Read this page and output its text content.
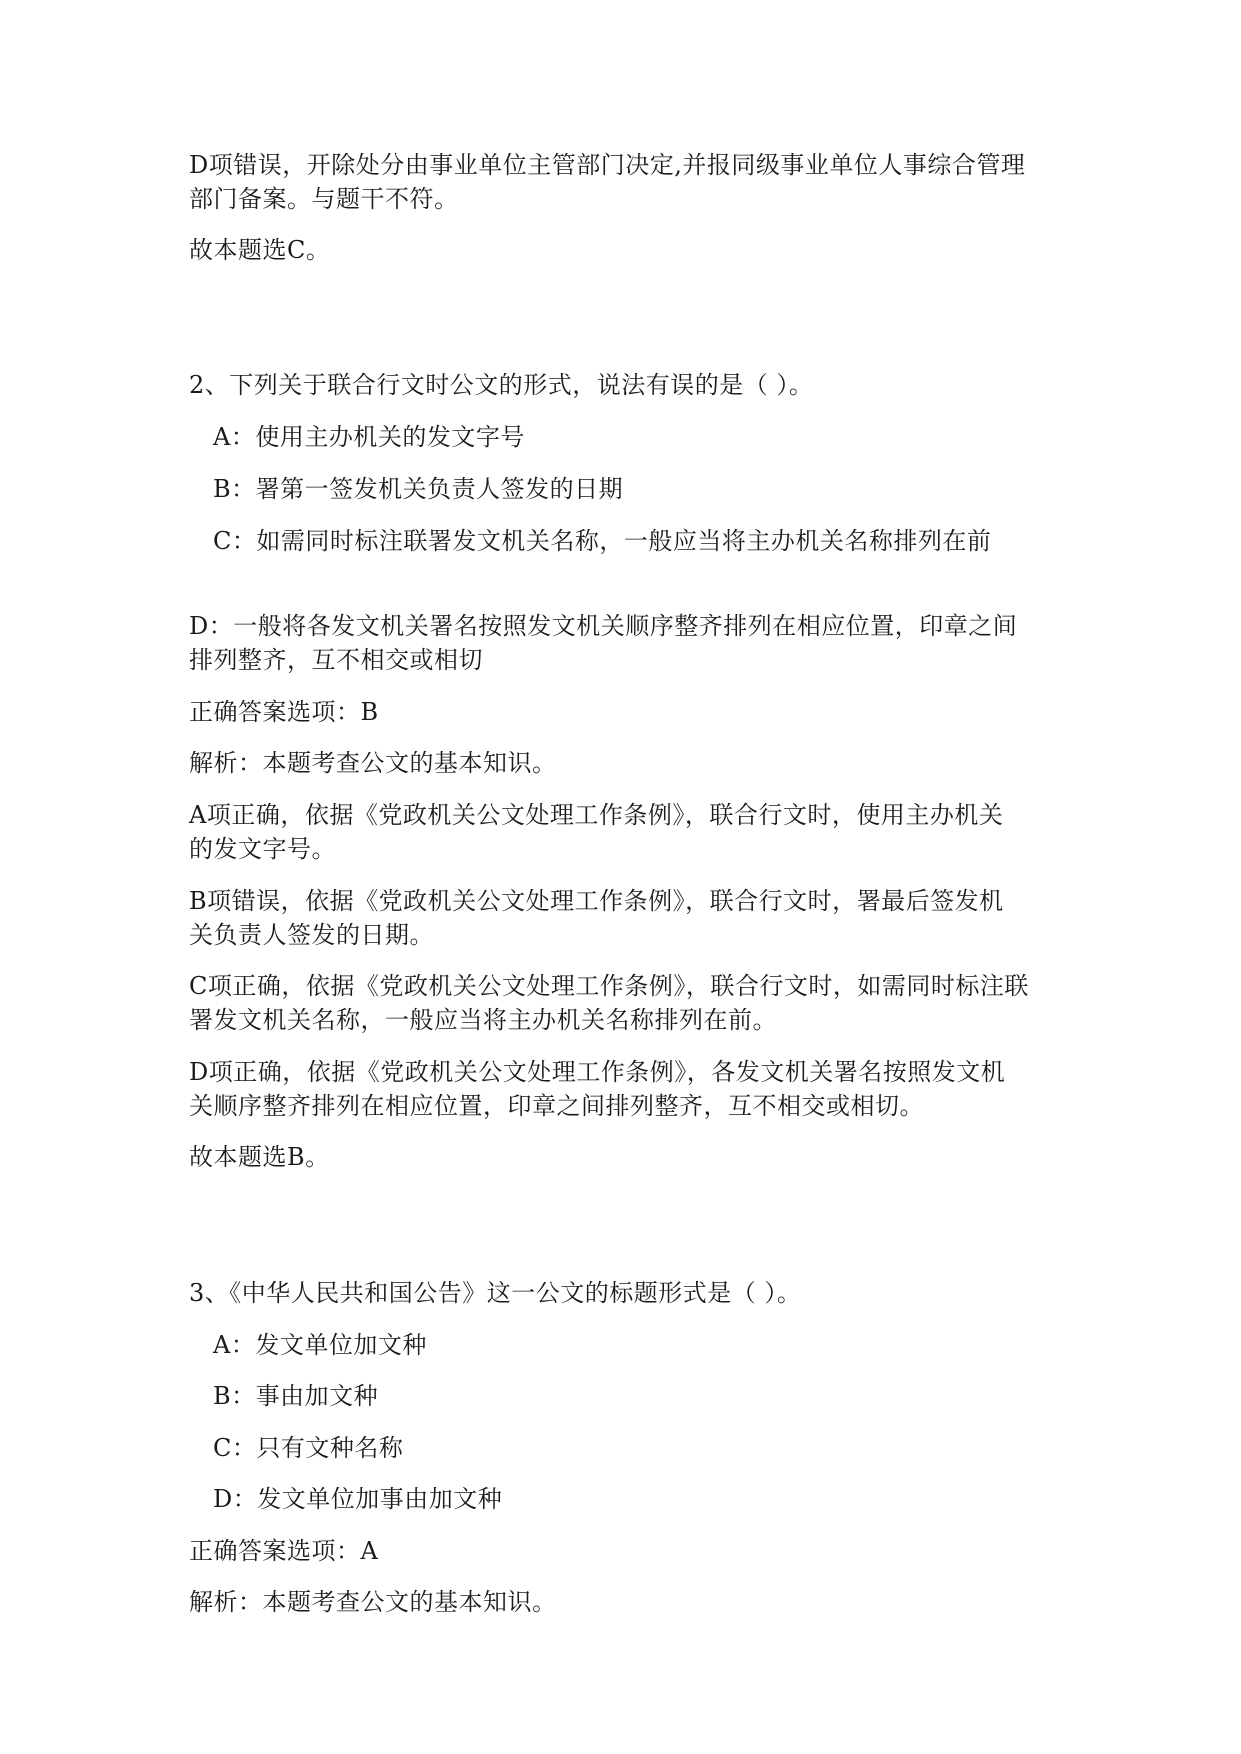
D项错误，开除处分由事业单位主管部门决定,并报同级事业单位人事综合管理
部门备案。与题干不符。
故本题选C。
2、下列关于联合行文时公文的形式，说法有误的是（ ）。
A：使用主办机关的发文字号
B：署第一签发机关负责人签发的日期
C：如需同时标注联署发文机关名称，一般应当将主办机关名称排列在前
D：一般将各发文机关署名按照发文机关顺序整齐排列在相应位置，印章之间
排列整齐，互不相交或相切
正确答案选项：B
解析：本题考查公文的基本知识。
A项正确，依据《党政机关公文处理工作条例》，联合行文时，使用主办机关
的发文字号。
B项错误，依据《党政机关公文处理工作条例》，联合行文时，署最后签发机
关负责人签发的日期。
C项正确，依据《党政机关公文处理工作条例》，联合行文时，如需同时标注联
署发文机关名称，一般应当将主办机关名称排列在前。
D项正确，依据《党政机关公文处理工作条例》，各发文机关署名按照发文机
关顺序整齐排列在相应位置，印章之间排列整齐，互不相交或相切。
故本题选B。
3、《中华人民共和国公告》这一公文的标题形式是（ ）。
A：发文单位加文种
B：事由加文种
C：只有文种名称
D：发文单位加事由加文种
正确答案选项：A
解析：本题考查公文的基本知识。
